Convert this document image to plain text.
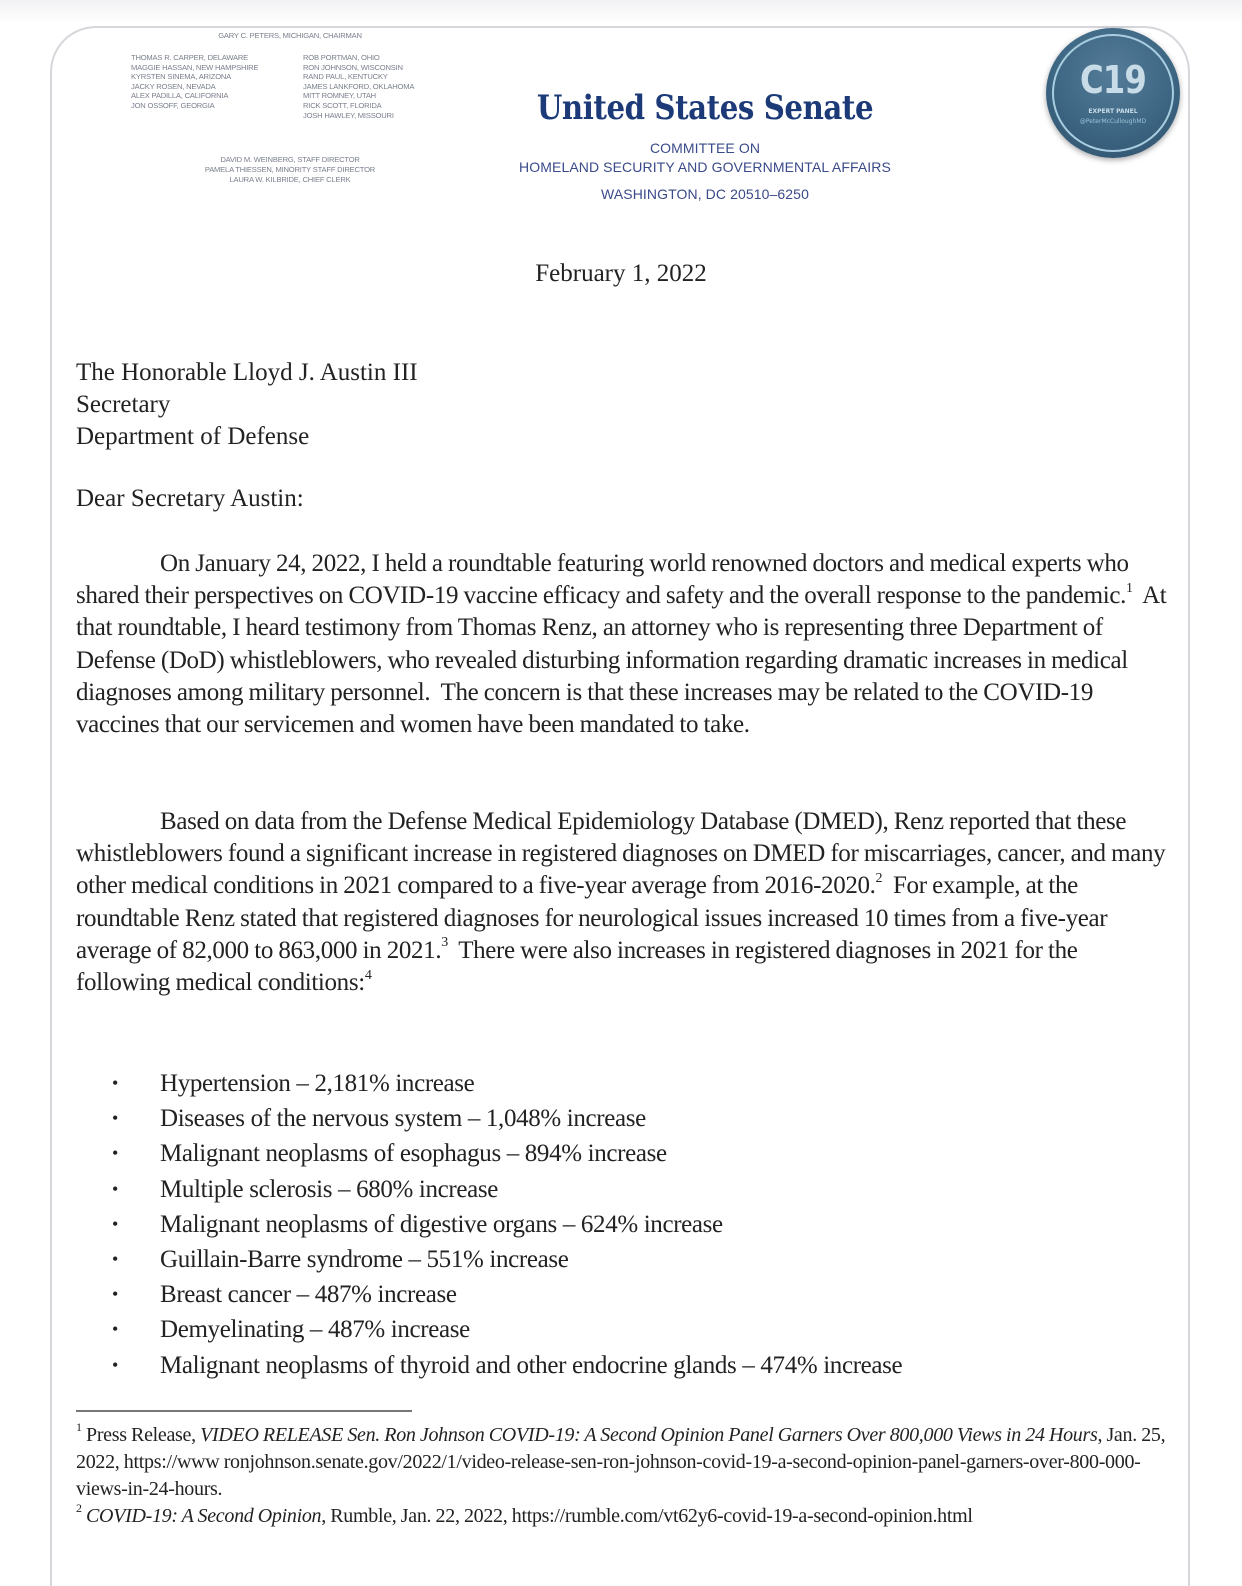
GARY C. PETERS, MICHIGAN, CHAIRMAN
THOMAS R. CARPER, DELAWARE
MAGGIE HASSAN, NEW HAMPSHIRE
KYRSTEN SINEMA, ARIZONA
JACKY ROSEN, NEVADA
ALEX PADILLA, CALIFORNIA
JON OSSOFF, GEORGIA
ROB PORTMAN, OHIO
RON JOHNSON, WISCONSIN
RAND PAUL, KENTUCKY
JAMES LANKFORD, OKLAHOMA
MITT ROMNEY, UTAH
RICK SCOTT, FLORIDA
JOSH HAWLEY, MISSOURI
DAVID M. WEINBERG, STAFF DIRECTOR
PAMELA THIESSEN, MINORITY STAFF DIRECTOR
LAURA W. KILBRIDE, CHIEF CLERK
United States Senate
COMMITTEE ON
HOMELAND SECURITY AND GOVERNMENTAL AFFAIRS
WASHINGTON, DC 20510–6250
C19
EXPERT PANEL
@PeterMcCulloughMD
February 1, 2022
The Honorable Lloyd J. Austin III
Secretary
Department of Defense
Dear Secretary Austin:
On January 24, 2022, I held a roundtable featuring world renowned doctors and medical experts who shared their perspectives on COVID-19 vaccine efficacy and safety and the overall response to the pandemic.$^1$  At that roundtable, I heard testimony from Thomas Renz, an attorney who is representing three Department of Defense (DoD) whistleblowers, who revealed disturbing information regarding dramatic increases in medical diagnoses among military personnel.  The concern is that these increases may be related to the COVID-19 vaccines that our servicemen and women have been mandated to take.
Based on data from the Defense Medical Epidemiology Database (DMED), Renz reported that these whistleblowers found a significant increase in registered diagnoses on DMED for miscarriages, cancer, and many other medical conditions in 2021 compared to a five-year average from 2016-2020.$^2$  For example, at the roundtable Renz stated that registered diagnoses for neurological issues increased 10 times from a five-year average of 82,000 to 863,000 in 2021.$^3$  There were also increases in registered diagnoses in 2021 for the following medical conditions:$^4$
• Hypertension – 2,181% increase
• Diseases of the nervous system – 1,048% increase
• Malignant neoplasms of esophagus – 894% increase
• Multiple sclerosis – 680% increase
• Malignant neoplasms of digestive organs – 624% increase
• Guillain-Barre syndrome – 551% increase
• Breast cancer – 487% increase
• Demyelinating – 487% increase
• Malignant neoplasms of thyroid and other endocrine glands – 474% increase
$^1$ Press Release, VIDEO RELEASE Sen. Ron Johnson COVID-19: A Second Opinion Panel Garners Over 800,000 Views in 24 Hours, Jan. 25, 2022, https://www ronjohnson.senate.gov/2022/1/video-release-sen-ron-johnson-covid-19-a-second-opinion-panel-garners-over-800-000-views-in-24-hours.
$^2$ COVID-19: A Second Opinion, Rumble, Jan. 22, 2022, https://rumble.com/vt62y6-covid-19-a-second-opinion.html
